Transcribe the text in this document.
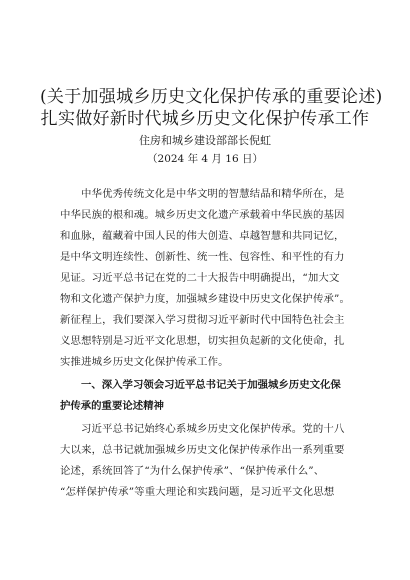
(关于加强城乡历史文化保护传承的重要论述)
扎实做好新时代城乡历史文化保护传承工作
住房和城乡建设部部长倪虹
（2024 年 4 月 16 日）
中华优秀传统文化是中华文明的智慧结晶和精华所在，是
中华民族的根和魂。城乡历史文化遗产承载着中华民族的基因
和血脉，蕴藏着中国人民的伟大创造、卓越智慧和共同记忆，
是中华文明连续性、创新性、统一性、包容性、和平性的有力
见证。习近平总书记在党的二十大报告中明确提出，“加大文
物和文化遗产保护力度，加强城乡建设中历史文化保护传承”。
新征程上，我们要深入学习贯彻习近平新时代中国特色社会主
义思想特别是习近平文化思想，切实担负起新的文化使命，扎
实推进城乡历史文化保护传承工作。
一、深入学习领会习近平总书记关于加强城乡历史文化保
护传承的重要论述精神
习近平总书记始终心系城乡历史文化保护传承。党的十八
大以来，总书记就加强城乡历史文化保护传承作出一系列重要
论述，系统回答了“为什么保护传承”、“保护传承什么”、
“怎样保护传承”等重大理论和实践问题，是习近平文化思想
